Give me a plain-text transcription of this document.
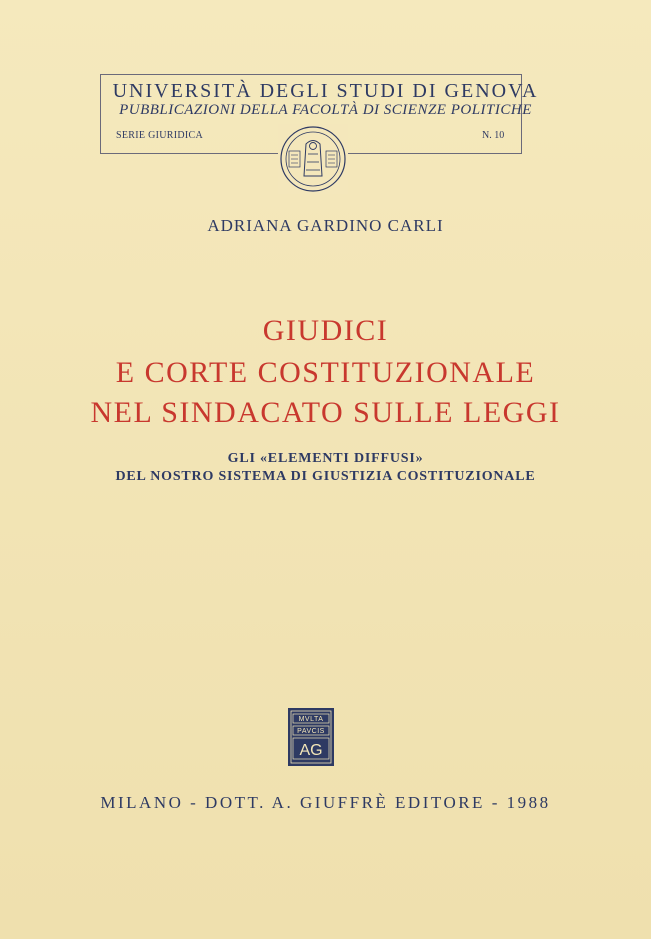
UNIVERSITÀ DEGLI STUDI DI GENOVA
PUBBLICAZIONI DELLA FACOLTÀ DI SCIENZE POLITICHE
SERIE GIURIDICA	N. 10
ADRIANA GARDINO CARLI
GIUDICI
E CORTE COSTITUZIONALE
NEL SINDACATO SULLE LEGGI
GLI «ELEMENTI DIFFUSI»
DEL NOSTRO SISTEMA DI GIUSTIZIA COSTITUZIONALE
MVLTA
PAVCIS
AG
MILANO - DOTT. A. GIUFFRÈ EDITORE - 1988
